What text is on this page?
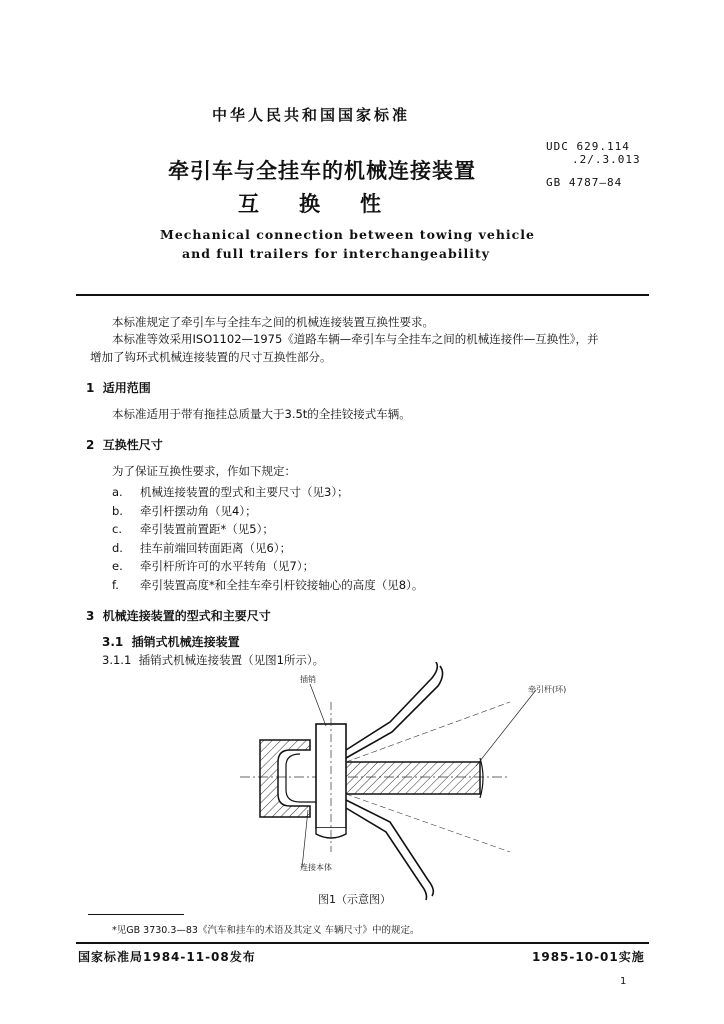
中华人民共和国国家标准
UDC 629.114
.2/.3.013
GB 4787—84
牵引车与全挂车的机械连接装置
互换性
Mechanical connection between towing vehicle
and full trailers for interchangeability
本标准规定了牵引车与全挂车之间的机械连接装置互换性要求。
本标准等效采用ISO1102—1975《道路车辆—牵引车与全挂车之间的机械连接件—互换性》，并
增加了钩环式机械连接装置的尺寸互换性部分。
1 适用范围
本标准适用于带有拖挂总质量大于3.5t的全挂铰接式车辆。
2 互换性尺寸
为了保证互换性要求，作如下规定：
a. 机械连接装置的型式和主要尺寸（见3）；
b. 牵引杆摆动角（见4）；
c. 牵引装置前置距*（见5）；
d. 挂车前端回转面距离（见6）；
e. 牵引杆所许可的水平转角（见7）；
f. 牵引装置高度*和全挂车牵引杆铰接轴心的高度（见8）。
3 机械连接装置的型式和主要尺寸
3.1 插销式机械连接装置
3.1.1 插销式机械连接装置（见图1所示）。
插销
牵引杆(环)
连接本体
图1（示意图）
*见GB 3730.3—83《汽车和挂车的术语及其定义 车辆尺寸》中的规定。
国家标准局1984-11-08发布	1985-10-01实施
1
